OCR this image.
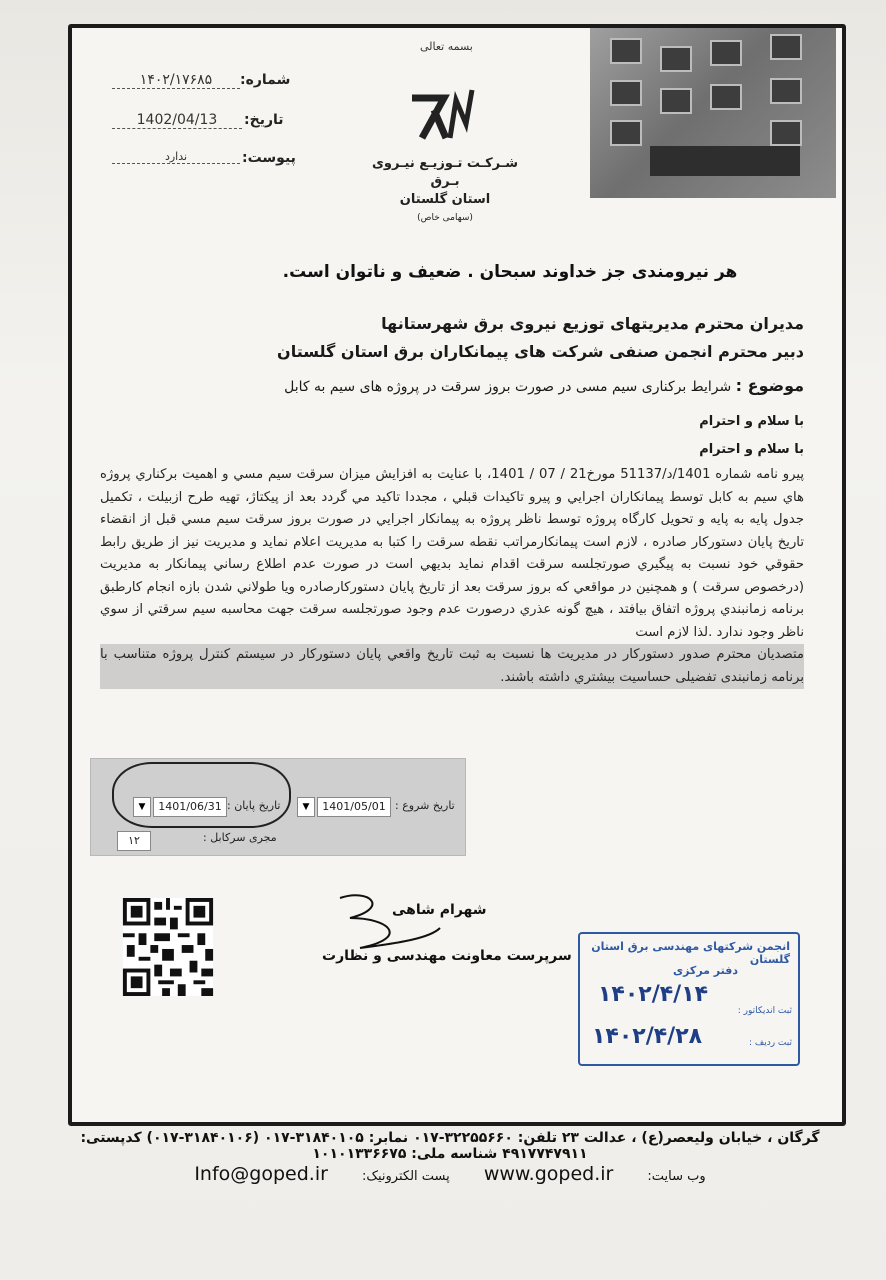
بسمه تعالی
شـرکـت تـوزیـع نیـروی بـرق
استان گلستان
(سهامی خاص)
شماره:
۱۴۰۲/۱۷۶۸۵
تاریخ:
1402/04/13
پیوست:
ندارد
هر نیرومندی جز خداوند سبحان . ضعیف و ناتوان است.
مدیران محترم مدیریتهای توزیع نیروی برق شهرستانها
دبیر محترم انجمن صنفی شرکت های پیمانکاران برق استان گلستان
موضوع : شرایط برکناری سیم مسی در صورت بروز سرقت در پروژه های سیم به کابل
با سلام و احترام
با سلام و احترام

پیرو نامه شماره 1401/د/51137 مورخ21 / 07 / 1401، با عنایت به افزایش میزان سرقت سیم مسي و اهميت بركناري پروژه هاي سيم به كابل توسط پيمانكاران اجرايي و پيرو تاكيدات قبلي ، مجددا تاكيد مي گردد بعد از پيكتاژ، تهيه طرح ازبيلت ، تكميل جدول پايه به پايه و تحويل كارگاه پروژه توسط ناظر پروژه به پيمانكار اجرايي در صورت بروز سرقت سيم مسي قبل از انقضاء تاريخ پايان دستوركار صادره ، لازم است پيمانكارمراتب نقطه سرقت را كتبا به مديريت اعلام نمايد و مديريت نيز از طريق رابط حقوقي خود نسبت به پيگيري صورتجلسه سرقت اقدام نمايد بديهي است در صورت عدم اطلاع رساني پيمانكار به مديريت (درخصوص سرقت ) و همچنين در مواقعي كه بروز سرقت بعد از تاريخ پايان دستوركارصادره ويا طولاني شدن بازه انجام كارطبق برنامه زمانبندي پروژه اتفاق بيافتد ، هيچ گونه عذري درصورت عدم وجود صورتجلسه سرقت جهت محاسبه سيم سرقتي از سوي ناظر وجود ندارد .لذا لازم است

متصديان محترم صدور دستوركار در مديريت ها نسبت به ثبت تاريخ واقعي پايان دستوركار در سيستم كنترل پروژه متناسب با برنامه زمانبندی تفضیلی حساسيت بيشتري داشته باشند.

تاریخ شروع :
1401/05/01
▼
تاریخ پایان :
1401/06/31
▼
مجری سرکابل :
۱۲
شهرام شاهی
سرپرست معاونت مهندسی و نظارت
انجمن شرکتهای مهندسی برق استان گلستان
دفتر مرکزی
ثبت اندیکاتور :
۱۴۰۲/۴/۱۴
ثبت ردیف :
۱۴۰۲/۴/۲۸
گرگان ، خیابان ولیعصر(ع) ، عدالت ۲۳ تلفن: ۳۲۲۵۵۶۶۰-۰۱۷ نمابر: ۳۱۸۴۰۱۰۵-۰۱۷ (۳۱۸۴۰۱۰۶-۰۱۷) کدپستی: ۴۹۱۷۷۴۷۹۱۱ شناسه ملی: ۱۰۱۰۱۳۳۶۶۷۵
وب سایت: www.goped.ir پست الکترونیک: Info@goped.ir
